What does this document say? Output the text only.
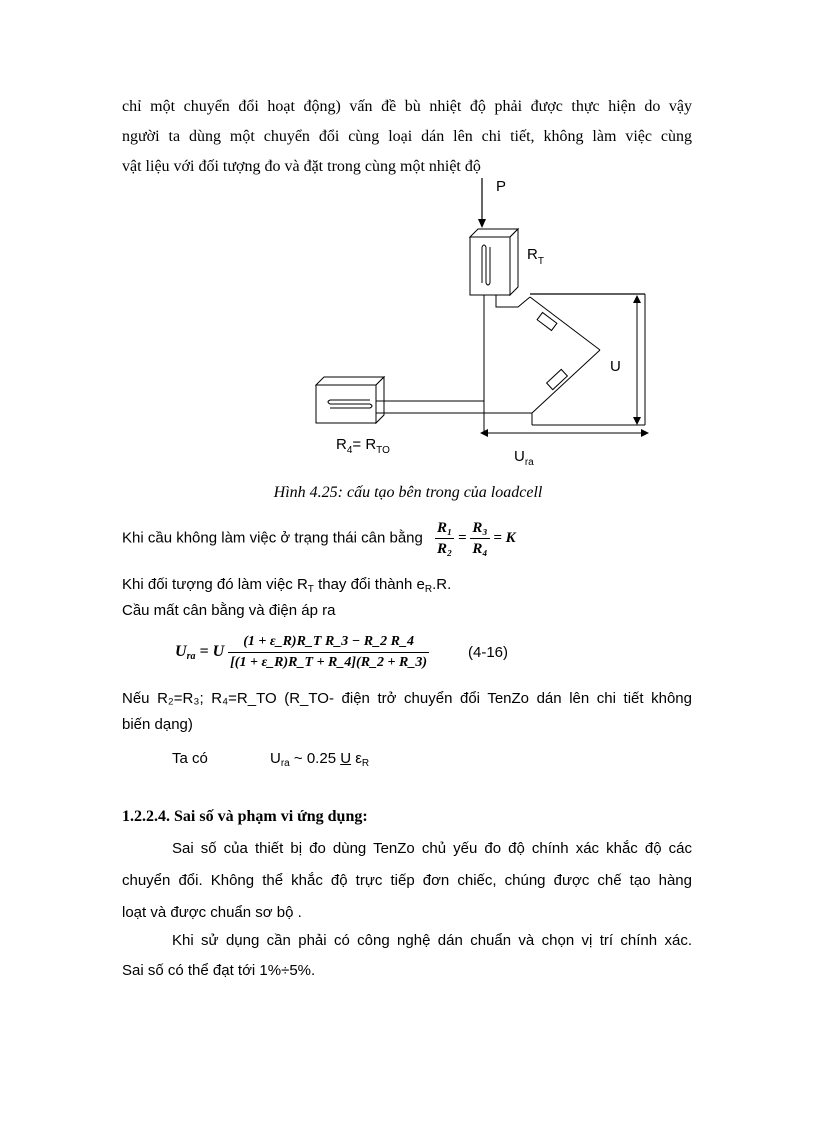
chỉ một chuyển đổi hoạt động) vấn đề bù nhiệt độ phải được thực hiện do vậy
người ta dùng một chuyển đổi cùng loại dán lên chi tiết, không làm việc cùng
vật liệu với đối tượng đo và đặt trong cùng một nhiệt độ
P
$R_T$
U
$U_{ra}$
$R_4= R_{TO}$
Hình 4.25: cấu tạo bên trong của loadcell
Khi cầu không làm việc ở trạng thái cân bằng $\frac{\text{R₁}}{\text{R₂}} = \frac{\text{R₃}}{\text{R₄}} = K$
Khi đối tượng đó làm việc $R_T$ thay đổi thành $e_R.R$.
Cầu mất cân bằng và điện áp ra
$U_{ra} = U \frac{\text{(1 + ε\_R)R\_T R\_3 − R\_2 R\_4}}{[(1 + \varepsilon\_R)R\_T + R\_4](R\_2 + R\_3)}$	(4-16)
Nếu R₂=R₃; R₄=R_TO (R_TO- điện trở chuyển đổi TenZo dán lên chi tiết không
biến dạng)
Ta có	$U_{ra}$ ~ 0.25 U $\varepsilon_R$
1.2.2.4. Sai số và phạm vi ứng dụng:
Sai số của thiết bị đo dùng TenZo chủ yếu đo độ chính xác khắc độ các
chuyển đổi. Không thể khắc độ trực tiếp đơn chiếc, chúng được chế tạo hàng
loạt và được chuẩn sơ bộ .
Khi sử dụng cần phải có công nghệ dán chuẩn và chọn vị trí chính xác.
Sai số có thể đạt tới 1%÷5%.
